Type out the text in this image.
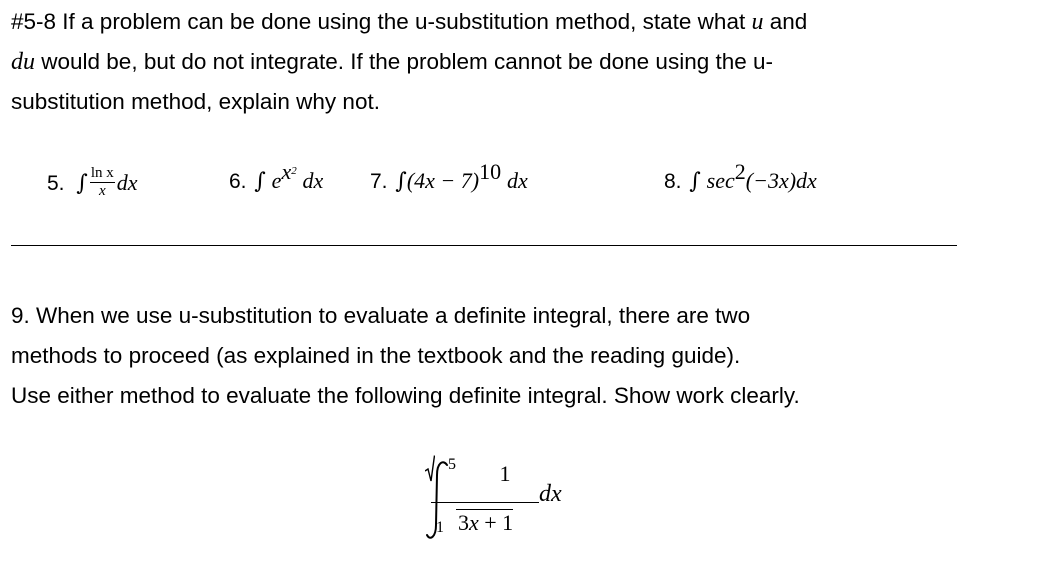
#5-8 If a problem can be done using the u-substitution method, state what u and
du would be, but do not integrate. If the problem cannot be done using the u-
substitution method, explain why not.
5. ∫ $\frac{\text{ln x}}{x}$ dx	6. ∫ $e^{x^2}$ dx 7. $\int(4x - 7)^{10}$ dx	8. ∫ $\sec^2(-3x)dx$
9. When we use u-substitution to evaluate a definite integral, there are two
methods to proceed (as explained in the textbook and the reading guide).
Use either method to evaluate the following definite integral. Show work clearly.
5
1
1
3x + 1
dx
